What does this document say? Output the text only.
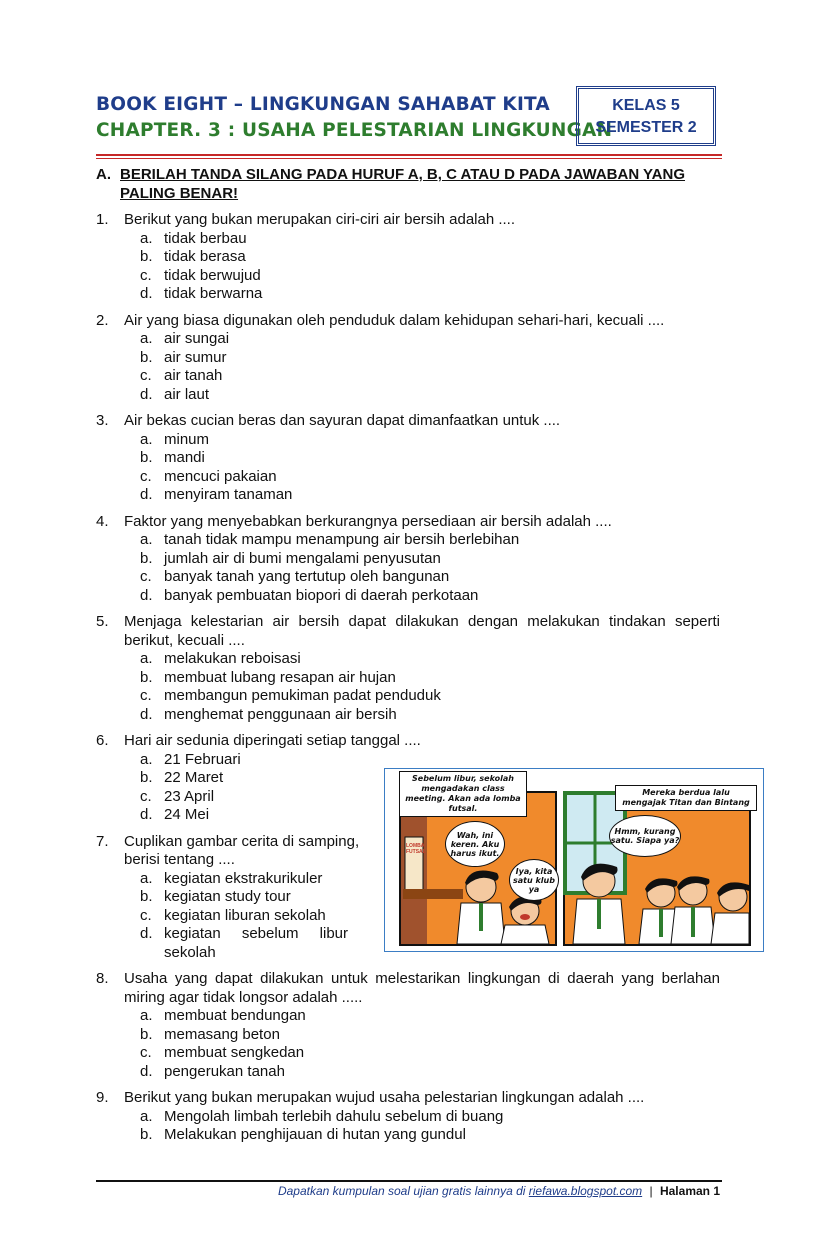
BOOK EIGHT – LINGKUNGAN SAHABAT KITA
CHAPTER. 3 : USAHA PELESTARIAN LINGKUNGAN
KELAS 5
SEMESTER 2
A. BERILAH TANDA SILANG PADA HURUF A, B, C ATAU D PADA JAWABAN YANG PALING BENAR!
1. Berikut yang bukan merupakan ciri-ciri air bersih adalah ....
a. tidak berbau
b. tidak berasa
c. tidak berwujud
d. tidak berwarna
2. Air yang biasa digunakan oleh penduduk dalam kehidupan sehari-hari, kecuali ....
a. air sungai
b. air sumur
c. air tanah
d. air laut
3. Air bekas cucian beras dan sayuran dapat dimanfaatkan untuk ....
a. minum
b. mandi
c. mencuci pakaian
d. menyiram tanaman
4. Faktor yang menyebabkan berkurangnya persediaan air bersih adalah ....
a. tanah tidak mampu menampung air bersih berlebihan
b. jumlah air di bumi mengalami penyusutan
c. banyak tanah yang tertutup oleh bangunan
d. banyak pembuatan biopori di daerah perkotaan
5. Menjaga kelestarian air bersih dapat dilakukan dengan melakukan tindakan seperti berikut, kecuali ....
a. melakukan reboisasi
b. membuat lubang resapan air hujan
c. membangun pemukiman padat penduduk
d. menghemat penggunaan air bersih
6. Hari air sedunia diperingati setiap tanggal ....
a. 21 Februari
b. 22 Maret
c. 23 April
d. 24 Mei
7. Cuplikan gambar cerita di samping, berisi tentang ....
a. kegiatan ekstrakurikuler
b. kegiatan study tour
c. kegiatan liburan sekolah
d. kegiatan sebelum libur sekolah
8. Usaha yang dapat dilakukan untuk melestarikan lingkungan di daerah yang berlahan miring agar tidak longsor adalah .....
a. membuat bendungan
b. memasang beton
c. membuat sengkedan
d. pengerukan tanah
9. Berikut yang bukan merupakan wujud usaha pelestarian lingkungan adalah ....
a. Mengolah limbah terlebih dahulu sebelum di buang
b. Melakukan penghijauan di hutan yang gundul
Sebelum libur, sekolah mengadakan class meeting. Akan ada lomba futsal.
LOMBA FUTSAL
Wah, ini keren. Aku harus ikut.
Iya, kita satu klub ya
Mereka berdua lalu mengajak Titan dan Bintang
Hmm, kurang satu. Siapa ya?
Dapatkan kumpulan soal ujian gratis lainnya di riefawa.blogspot.com | Halaman 1
